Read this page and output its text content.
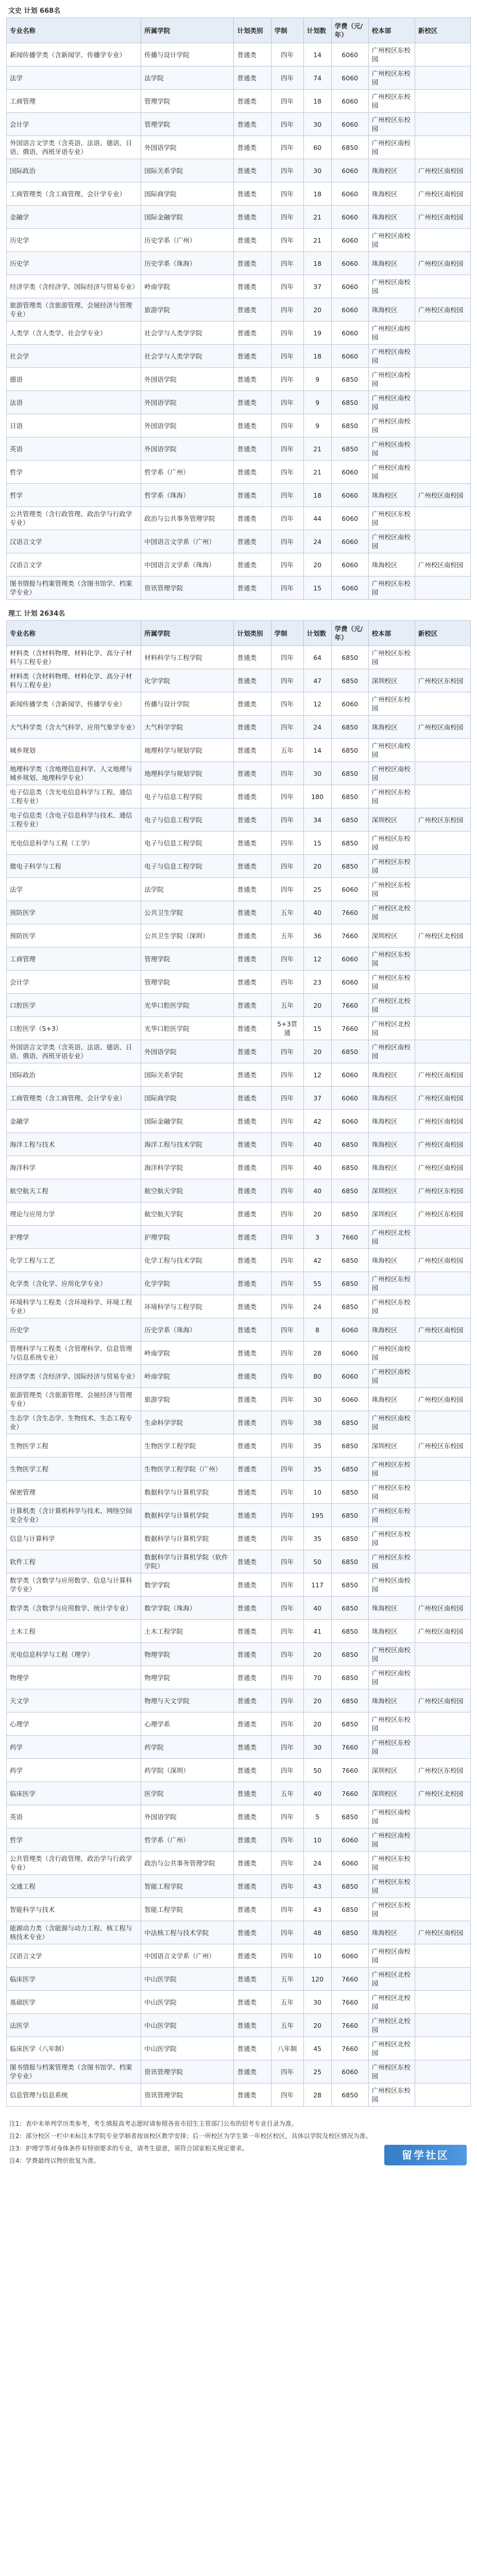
文史 计划 668名
专业名称	所属学院	计划类别	学制	计划数	学费（元/年）	校本部	新校区
新闻传播学类（含新闻学、传播学专业）	传播与设计学院	普通类	四年	14	6060	广州校区东校园	
法学	法学院	普通类	四年	74	6060	广州校区东校园	
工商管理	管理学院	普通类	四年	18	6060	广州校区东校园	
会计学	管理学院	普通类	四年	30	6060	广州校区东校园	
外国语言文学类（含英语、法语、德语、日语、俄语、西班牙语专业）	外国语学院	普通类	四年	60	6850	广州校区南校园	
国际政治	国际关系学院	普通类	四年	30	6060	珠海校区	广州校区南校园
工商管理类（含工商管理、会计学专业）	国际商学院	普通类	四年	18	6060	珠海校区	广州校区南校园
金融学	国际金融学院	普通类	四年	21	6060	珠海校区	广州校区南校园
历史学	历史学系（广州）	普通类	四年	21	6060	广州校区南校园	
历史学	历史学系（珠海）	普通类	四年	18	6060	珠海校区	广州校区南校园
经济学类（含经济学、国际经济与贸易专业）	岭南学院	普通类	四年	37	6060	广州校区南校园	
旅游管理类（含旅游管理、会展经济与管理专业）	旅游学院	普通类	四年	20	6060	珠海校区	广州校区南校园
人类学（含人类学、社会学专业）	社会学与人类学学院	普通类	四年	19	6060	广州校区南校园	
社会学	社会学与人类学学院	普通类	四年	18	6060	广州校区南校园	
德语	外国语学院	普通类	四年	9	6850	广州校区南校园	
法语	外国语学院	普通类	四年	9	6850	广州校区南校园	
日语	外国语学院	普通类	四年	9	6850	广州校区南校园	
英语	外国语学院	普通类	四年	21	6850	广州校区南校园	
哲学	哲学系（广州）	普通类	四年	21	6060	广州校区南校园	
哲学	哲学系（珠海）	普通类	四年	18	6060	珠海校区	广州校区南校园
公共管理类（含行政管理、政治学与行政学专业）	政治与公共事务管理学院	普通类	四年	44	6060	广州校区东校园	
汉语言文学	中国语言文学系（广州）	普通类	四年	24	6060	广州校区南校园	
汉语言文学	中国语言文学系（珠海）	普通类	四年	20	6060	珠海校区	广州校区南校园
图书情报与档案管理类（含图书馆学、档案学专业）	资讯管理学院	普通类	四年	15	6060	广州校区东校园	
理工 计划 2634名
专业名称	所属学院	计划类别	学制	计划数	学费（元/年）	校本部	新校区
材料类（含材料物理、材料化学、高分子材料与工程专业）	材料科学与工程学院	普通类	四年	64	6850	广州校区东校园	
材料类（含材料物理、材料化学、高分子材料与工程专业）	化学学院	普通类	四年	47	6850	深圳校区	广州校区东校园
新闻传播学类（含新闻学、传播学专业）	传播与设计学院	普通类	四年	12	6060	广州校区东校园	
大气科学类（含大气科学、应用气象学专业）	大气科学学院	普通类	四年	24	6850	珠海校区	广州校区南校园
城乡规划	地理科学与规划学院	普通类	五年	14	6850	广州校区南校园	
地理科学类（含地理信息科学、人文地理与城乡规划、地理科学专业）	地理科学与规划学院	普通类	四年	30	6850	广州校区南校园	
电子信息类（含光电信息科学与工程、通信工程专业）	电子与信息工程学院	普通类	四年	180	6850	广州校区东校园	
电子信息类（含电子信息科学与技术、通信工程专业）	电子与信息工程学院	普通类	四年	34	6850	深圳校区	广州校区东校园
光电信息科学与工程（工学）	电子与信息工程学院	普通类	四年	15	6850	广州校区东校园	
微电子科学与工程	电子与信息工程学院	普通类	四年	20	6850	广州校区东校园	
法学	法学院	普通类	四年	25	6060	广州校区东校园	
预防医学	公共卫生学院	普通类	五年	40	7660	广州校区北校园	
预防医学	公共卫生学院（深圳）	普通类	五年	36	7660	深圳校区	广州校区北校园
工商管理	管理学院	普通类	四年	12	6060	广州校区东校园	
会计学	管理学院	普通类	四年	23	6060	广州校区东校园	
口腔医学	光华口腔医学院	普通类	五年	20	7660	广州校区北校园	
口腔医学（5+3）	光华口腔医学院	普通类	5+3贯通	15	7660	广州校区北校园	
外国语言文学类（含英语、法语、德语、日语、俄语、西班牙语专业）	外国语学院	普通类	四年	20	6850	广州校区南校园	
国际政治	国际关系学院	普通类	四年	12	6060	珠海校区	广州校区南校园
工商管理类（含工商管理、会计学专业）	国际商学院	普通类	四年	37	6060	珠海校区	广州校区南校园
金融学	国际金融学院	普通类	四年	42	6060	珠海校区	广州校区南校园
海洋工程与技术	海洋工程与技术学院	普通类	四年	40	6850	珠海校区	广州校区南校园
海洋科学	海洋科学学院	普通类	四年	40	6850	珠海校区	广州校区南校园
航空航天工程	航空航天学院	普通类	四年	40	6850	深圳校区	广州校区东校园
理论与应用力学	航空航天学院	普通类	四年	20	6850	深圳校区	广州校区东校园
护理学	护理学院	普通类	四年	3	7660	广州校区北校园	
化学工程与工艺	化学工程与技术学院	普通类	四年	42	6850	珠海校区	广州校区南校园
化学类（含化学、应用化学专业）	化学学院	普通类	四年	55	6850	广州校区东校园	
环境科学与工程类（含环境科学、环境工程专业）	环境科学与工程学院	普通类	四年	24	6850	广州校区东校园	
历史学	历史学系（珠海）	普通类	四年	8	6060	珠海校区	广州校区南校园
管理科学与工程类（含管理科学、信息管理与信息系统专业）	岭南学院	普通类	四年	28	6060	广州校区南校园	
经济学类（含经济学、国际经济与贸易专业）	岭南学院	普通类	四年	80	6060	广州校区南校园	
旅游管理类（含旅游管理、会展经济与管理专业）	旅游学院	普通类	四年	30	6060	珠海校区	广州校区南校园
生态学（含生态学、生物技术、生态工程专业）	生命科学学院	普通类	四年	38	6850	广州校区南校园	
生物医学工程	生物医学工程学院	普通类	四年	35	6850	深圳校区	广州校区东校园
生物医学工程	生物医学工程学院（广州）	普通类	四年	35	6850	广州校区东校园	
保密管理	数据科学与计算机学院	普通类	四年	10	6850	广州校区东校园	
计算机类（含计算机科学与技术、网络空间安全专业）	数据科学与计算机学院	普通类	四年	195	6850	广州校区东校园	
信息与计算科学	数据科学与计算机学院	普通类	四年	35	6850	广州校区东校园	
软件工程	数据科学与计算机学院（软件学院）	普通类	四年	50	6850	广州校区东校园	
数学类（含数学与应用数学、信息与计算科学专业）	数学学院	普通类	四年	117	6850	广州校区南校园	
数学类（含数学与应用数学、统计学专业）	数学学院（珠海）	普通类	四年	40	6850	珠海校区	广州校区南校园
土木工程	土木工程学院	普通类	四年	41	6850	珠海校区	广州校区南校园
光电信息科学与工程（理学）	物理学院	普通类	四年	20	6850	广州校区南校园	
物理学	物理学院	普通类	四年	70	6850	广州校区南校园	
天文学	物理与天文学院	普通类	四年	20	6850	珠海校区	广州校区南校园
心理学	心理学系	普通类	四年	20	6850	广州校区东校园	
药学	药学院	普通类	四年	30	7660	广州校区东校园	
药学	药学院（深圳）	普通类	四年	50	7660	深圳校区	广州校区东校园
临床医学	医学院	普通类	五年	40	7660	深圳校区	广州校区北校园
英语	外国语学院	普通类	四年	5	6850	广州校区南校园	
哲学	哲学系（广州）	普通类	四年	10	6060	广州校区南校园	
公共管理类（含行政管理、政治学与行政学专业）	政治与公共事务管理学院	普通类	四年	24	6060	广州校区东校园	
交通工程	智能工程学院	普通类	四年	43	6850	广州校区东校园	
智能科学与技术	智能工程学院	普通类	四年	43	6850	广州校区东校园	
能源动力类（含能源与动力工程、核工程与核技术专业）	中法核工程与技术学院	普通类	四年	48	6850	珠海校区	广州校区南校园
汉语言文学	中国语言文学系（广州）	普通类	四年	10	6060	广州校区南校园	
临床医学	中山医学院	普通类	五年	120	7660	广州校区北校园	
基础医学	中山医学院	普通类	五年	30	7660	广州校区北校园	
法医学	中山医学院	普通类	五年	20	7660	广州校区北校园	
临床医学（八年制）	中山医学院	普通类	八年制	45	7660	广州校区北校园	
图书情报与档案管理类（含图书馆学、档案学专业）	资讯管理学院	普通类	四年	25	6060	广州校区东校园	
信息管理与信息系统	资讯管理学院	普通类	四年	28	6850	广州校区东校园	

注1：表中未单列学历类参考，考生填报高考志愿时请参照各省市招生主管部门公布的招考专业目录为准。

注2：部分校区一栏中未标注本学院专业学制者按该校区教学安排；后一所校区为学生第一年校区校区，具体以学院及校区情况为准。

注3：护理学等对身体条件有特别要求的专业，请考生留意，须符合国家相关规定要求。

注4：学费最终以物价批复为准。	留学社区
